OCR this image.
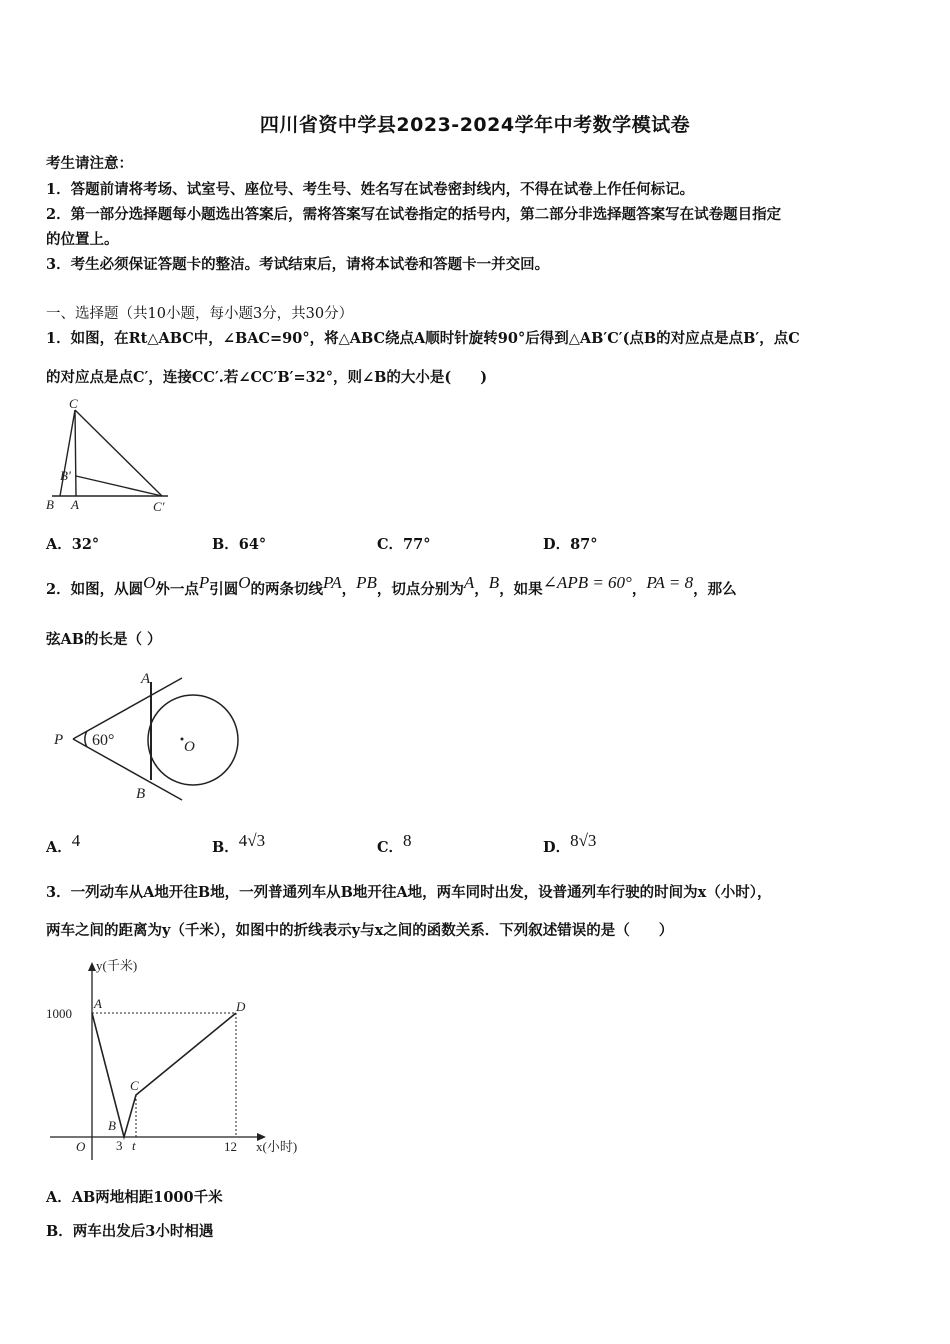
四川省资中学县2023-2024学年中考数学模试卷
考生请注意：
1．答题前请将考场、试室号、座位号、考生号、姓名写在试卷密封线内，不得在试卷上作任何标记。
2．第一部分选择题每小题选出答案后，需将答案写在试卷指定的括号内，第二部分非选择题答案写在试卷题目指定
的位置上。
3．考生必须保证答题卡的整洁。考试结束后，请将本试卷和答题卡一并交回。
一、选择题（共10小题，每小题3分，共30分）
1．如图，在Rt△ABC中，∠BAC=90°，将△ABC绕点A顺时针旋转90°后得到△AB′C′(点B的对应点是点B′，点C
的对应点是点C′，连接CC′.若∠CC′B′=32°，则∠B的大小是(　　)
C
B'
B A	C'
A．32°	B．64°	C．77°	D．87°
2．如图，从圆O外一点P引圆O的两条切线PA，PB，切点分别为A，B，如果∠APB = 60°，PA = 8，那么
弦AB的长是（ ）
A
P	O
B
60°
A．4	B．4√3	C．8	D．8√3
3．一列动车从A地开往B地，一列普通列车从B地开往A地，两车同时出发，设普通列车行驶的时间为x（小时），
两车之间的距离为y（千米），如图中的折线表示y与x之间的函数关系．下列叙述错误的是（　　）
y(千米)
x(小时)
1000
O 3 t	12
A
B
C
D
A．AB两地相距1000千米
B．两车出发后3小时相遇
